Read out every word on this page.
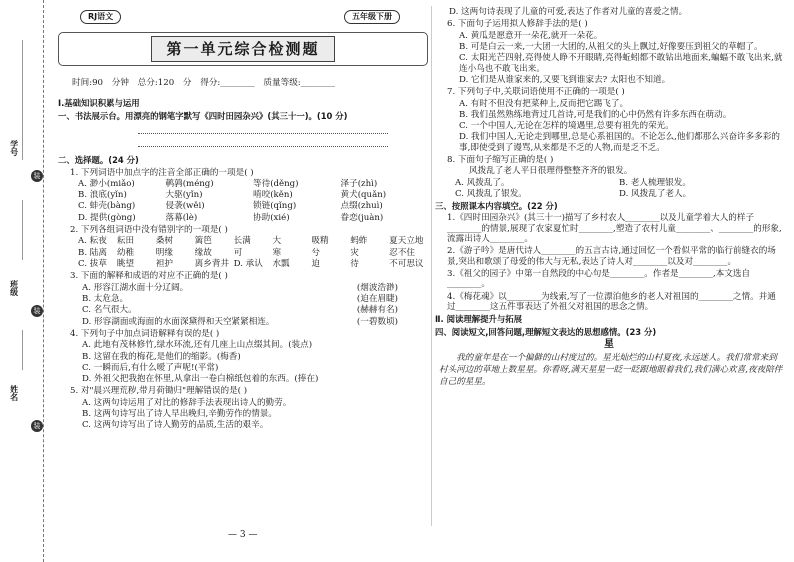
学号
装
班级
装
姓名
装
RJ语文	五年级下册
第一单元综合检测题
时间:90 分钟 总分:120 分 得分:________ 质量等级:________
Ⅰ.基础知识积累与运用
一、书法展示台。用漂亮的钢笔字默写《四时田园杂兴》(其三十一)。(10 分)
二、选择题。(24 分)
1. 下列词语中加点字的注音全部正确的一项是( )
A. 渺小(miǎo)	鹌鹑(méng)	等待(děng)	泽子(zhì)
B. 浪底(yǐn)	大驱(yǐn)	啃咬(kěn)	黄犬(quǎn)
C. 蚌壳(bàng)	侵袭(wěi)	锁链(qǐng)	点缀(zhuì)
D. 提供(gòng)	落幕(lè)	协助(xié)	眷恋(juàn)
2. 下列各组词语中没有错别字的一项是( )
A. 耘夜	耘田	桑树	篱笆	长满	大	吸精	蚂蚱	夏天立地
B. 陆离	幼稚	明缘	缘故	可	寒	兮	灾	忍不住
C. 拔草	眺望	袒护	离乡背井 D. 承认	水瓢	迫	待	不可思议
3. 下面的解释和成语的对应不正确的是( )
A. 形容江湖水面十分辽阔。	(烟波浩渺)
B. 太危急。	(迫在眉睫)
C. 名气很大。	(赫赫有名)
D. 形容湖面或海面的水面深黛得和天空紧紧相连。	(一碧数顷)
4. 下列句子中加点词语解释有误的是( )
A. 此地有茂林修竹,绿水环流,还有几座上山点缀其间。(装点)
B. 这留在我的梅花,是他们的缩影。(梅香)
C. 一瞬而后,有什么嗳了声呢!(平常)
D. 外祖父把我抱在怀里,从拿出一卷白棉纸包着的东西。(捧在)
5. 对"晨兴理荒秽,带月荷锄归"理解错误的是( )
A. 这两句诗运用了对比的修辞手法表现出诗人的勤劳。
B. 这两句诗写出了诗人早出晚归,辛勤劳作的情景。
C. 这两句诗写出了诗人勤劳的品质,生活的艰辛。
— 3 —
D. 这两句诗表现了儿童的可爱,表达了作者对儿童的喜爱之情。
6. 下面句子运用拟人修辞手法的是( )
A. 黄瓜是愿意开一朵花,就开一朵花。
B. 可是白云一来,一大团一大团的,从祖父的头上飘过,好像要压到祖父的草帽了。
C. 太阳光芒四射,亮得使人睁不开眼睛,亮得蚯蚓都不敢钻出地面来,蝙蝠不敢飞出来,就连小鸟也不敢飞出来。
D. 它们是从谁家来的,又要飞到谁家去? 太阳也不知道。
7. 下列句子中,关联词语使用不正确的一项是( )
A. 有时不但没有把菜种上,反而把它踢飞了。
B. 我们虽然熟练地背过几首诗,可是我们的心中仍然有许多东西在萌动。
C. 一个中国人,无论在怎样的境遇里,总要有祖先的荣光。
D. 我们中国人,无论走到哪里,总是心系祖国的。不论怎么,他们都那么兴奋许多多彩的事,即使受到了谩骂,从来都是不乏的人物,而是乏不乏。
8. 下面句子缩写正确的是( )
风拨乱了老人平日很理得整整齐齐的银发。
A. 风拨乱了。	B. 老人梳理银发。
C. 风拨乱了银发。	D. 风拨乱了老人。
三、按照课本内容填空。(22 分)
1.《四时田园杂兴》(其三十一)描写了乡村农人________以及儿童学着大人的样子________的情景,展现了农家夏忙时________,塑造了农村儿童________、________的形象,流露出诗人________。
2.《游子吟》是唐代诗人________的五言古诗,通过回忆一个看似平常的临行前缝衣的场景,突出和歌颂了母爱的伟大与无私,表达了诗人对________以及对________。
3.《祖父的园子》中第一自然段的中心句是________。作者是________,本文选自________。
4.《梅花魂》以________为线索,写了一位漂泊他乡的老人对祖国的________之情。并通过________这五件事表达了外祖父对祖国的思念之情。
Ⅱ. 阅读理解提升与拓展
四、阅读短文,回答问题,理解短文表达的思想感情。(23 分)
星
我的童年是在一个偏僻的山村度过的。星光灿烂的山村夏夜,永远迷人。我们常常来到村头河边的草地上数星星。你看呀,满天星星一眨一眨跟地眼着我们,我们满心欢喜,夜夜陪伴自己的星星。
